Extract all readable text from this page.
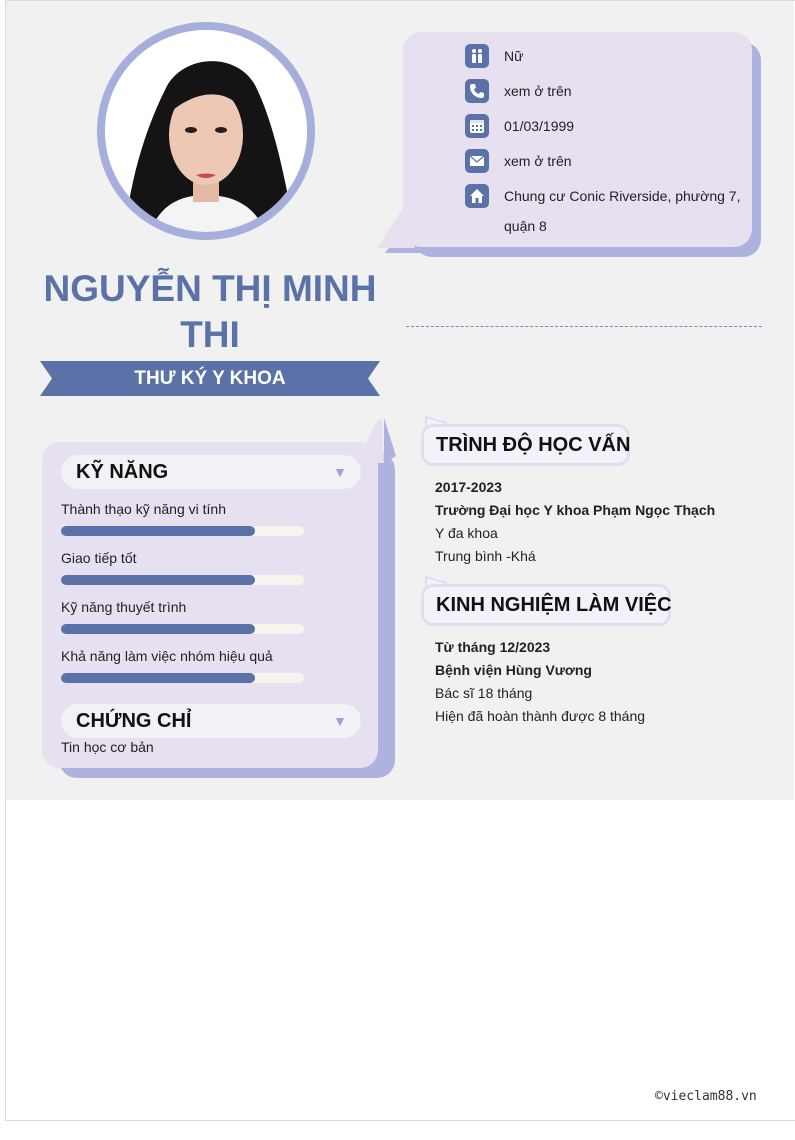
Nữ
xem ở trên
01/03/1999
xem ở trên
Chung cư Conic Riverside, phường 7, quận 8
NGUYỄN THỊ MINH THI
THƯ KÝ Y KHOA
KỸ NĂNG	▼
Thành thạo kỹ năng vi tính
Giao tiếp tốt
Kỹ năng thuyết trình
Khả năng làm việc nhóm hiệu quả
CHỨNG CHỈ	▼
Tin học cơ bản
TRÌNH ĐỘ HỌC VẤN
2017-2023
Trường Đại học Y khoa Phạm Ngọc Thạch
Y đa khoa
Trung bình -Khá
KINH NGHIỆM LÀM VIỆC
Từ tháng 12/2023
Bệnh viện Hùng Vương
Bác sĩ 18 tháng
Hiện đã hoàn thành được 8 tháng
©vieclam88.vn
